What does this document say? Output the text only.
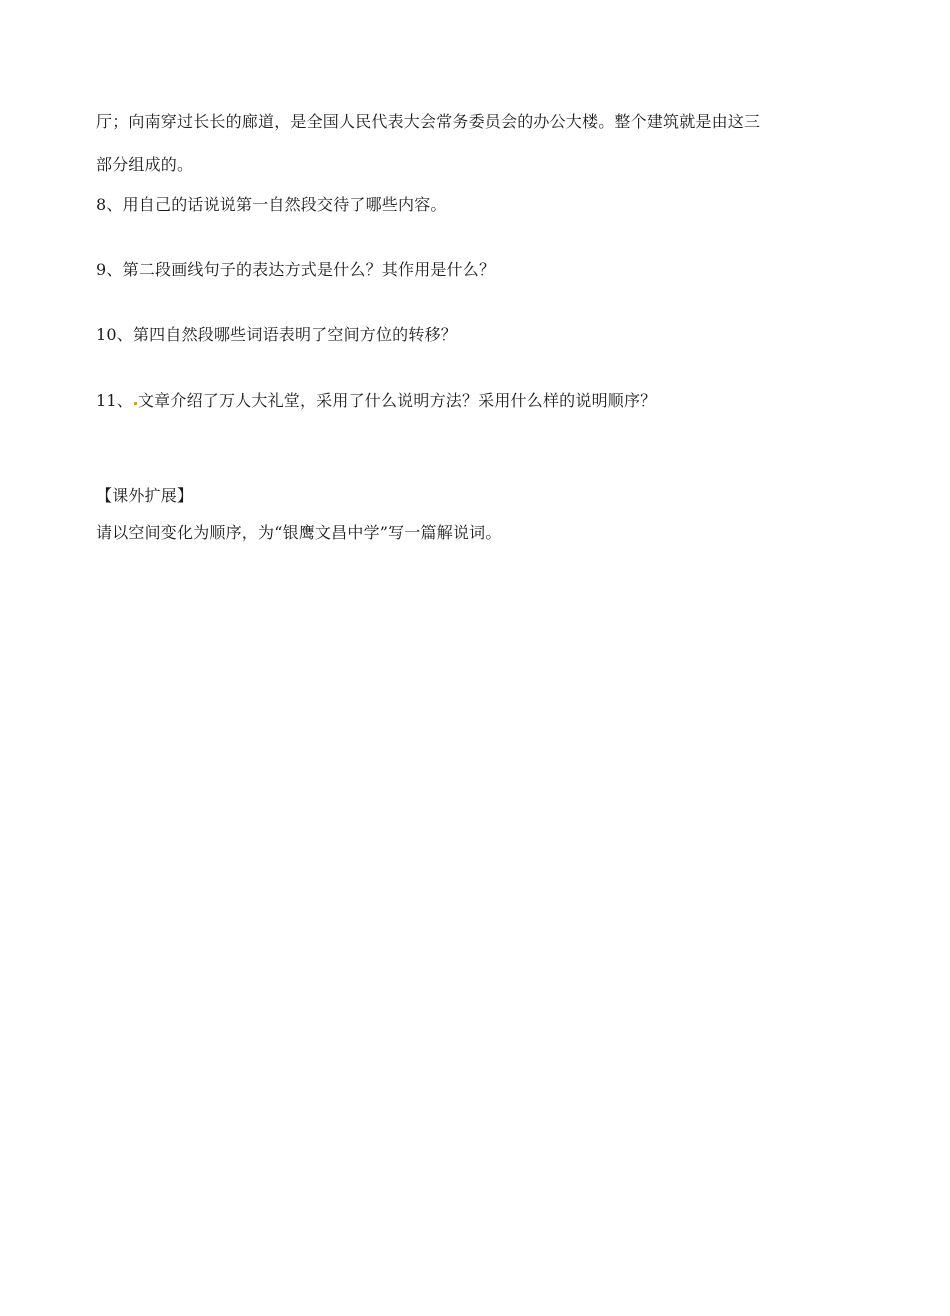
厅；向南穿过长长的廊道，是全国人民代表大会常务委员会的办公大楼。整个建筑就是由这三
部分组成的。
8、用自己的话说说第一自然段交待了哪些内容。
9、第二段画线句子的表达方式是什么？其作用是什么？
10、第四自然段哪些词语表明了空间方位的转移？
11、 文章介绍了万人大礼堂，采用了什么说明方法？采用什么样的说明顺序？
【课外扩展】
请以空间变化为顺序，为“银鹰文昌中学”写一篇解说词。
